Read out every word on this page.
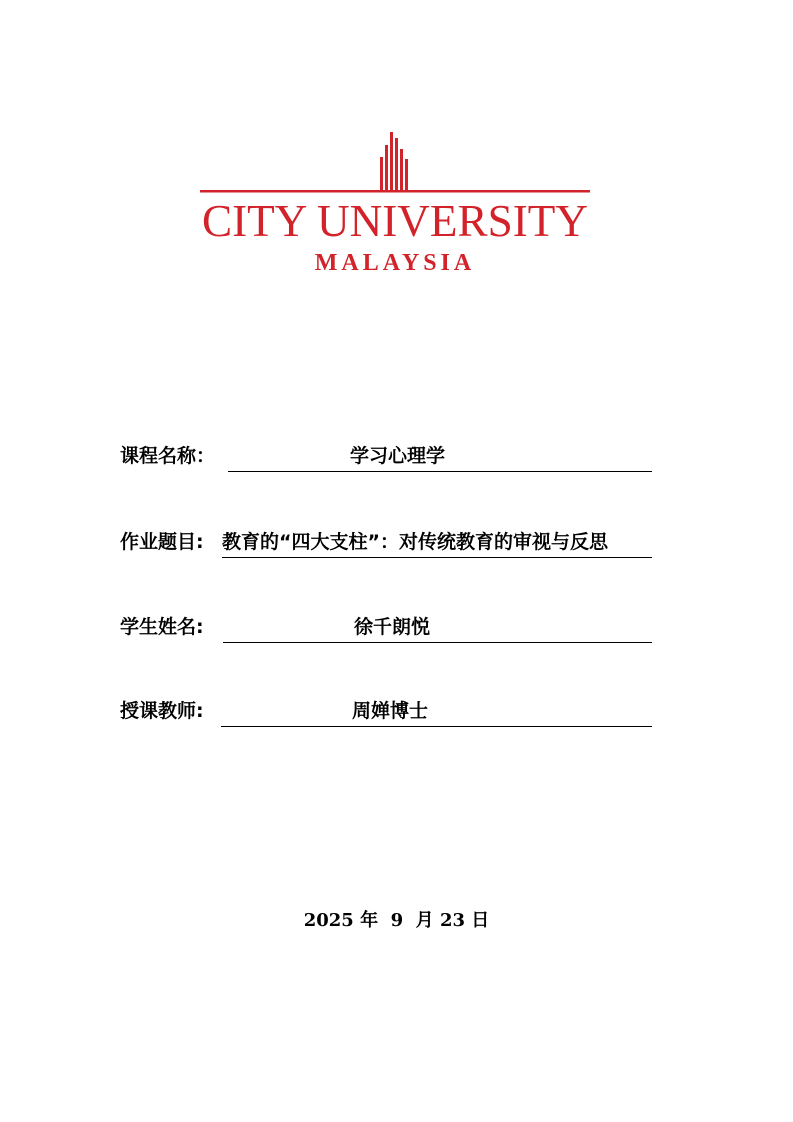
CITY UNIVERSITY
MALAYSIA
课程名称：	学习心理学
作业题目: 教育的“四大支柱”：对传统教育的审视与反思
学生姓名:	徐千朗悦
授课教师:	周婵博士
2025 年  9  月 23 日
